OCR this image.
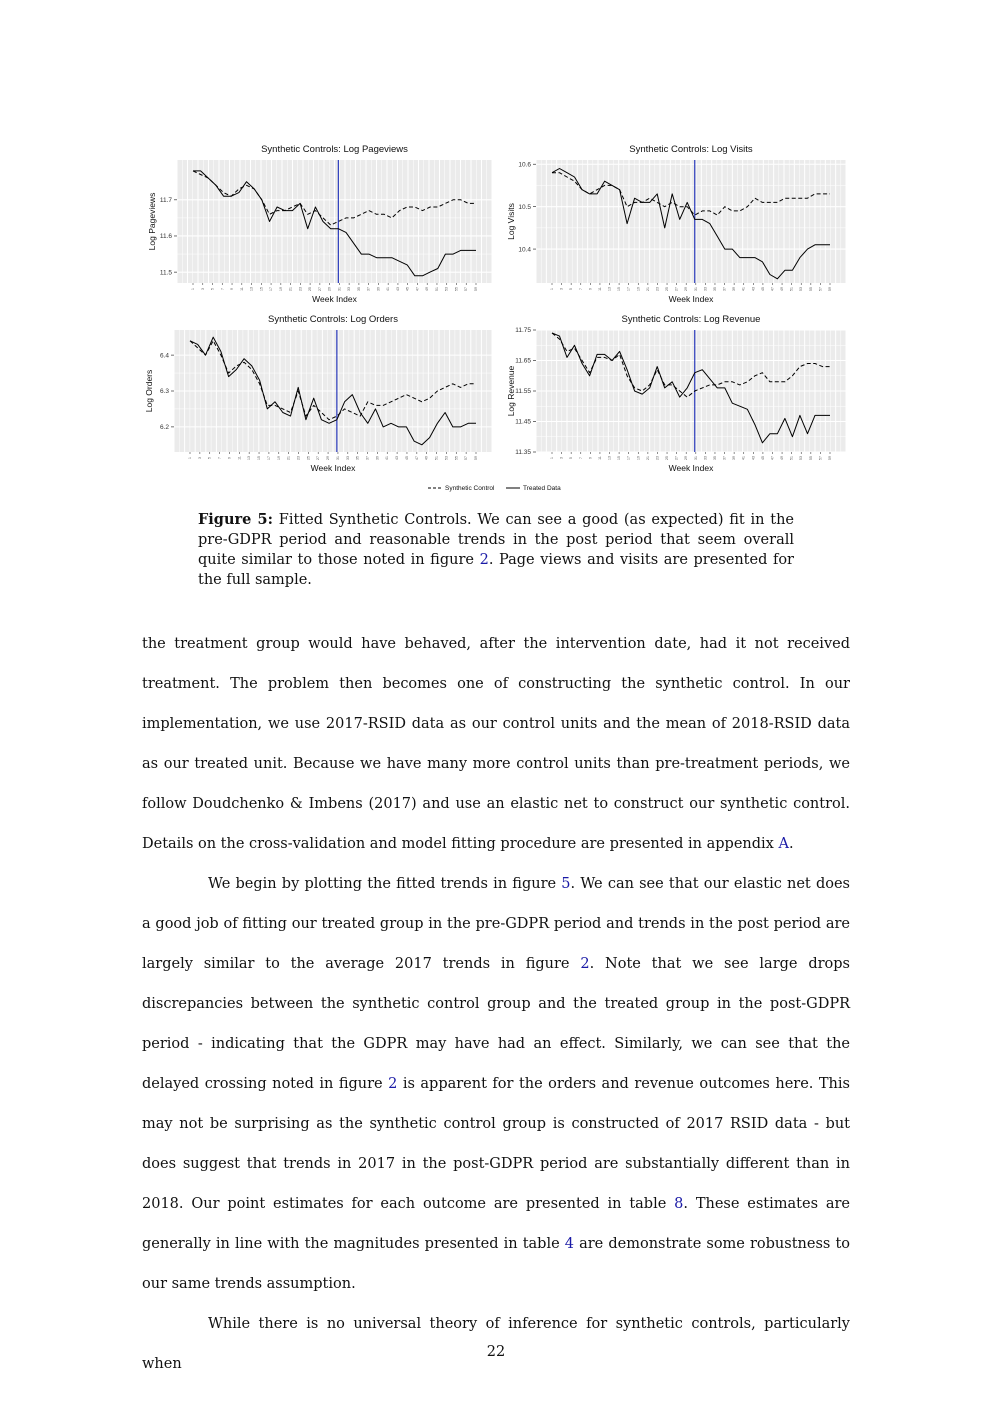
11.5
11.6
11.7
1 3 5 7 9 11 13 15 17 19 21 23 25 27 29 31 33 35 37 39 41 43 45 47 49 51 53 55 57 59
Synthetic Controls: Log Pageviews
Week Index
Log Pageviews	10.4
10.5
10.6
1 3 5 7 9 11 13 15 17 19 21 23 25 27 29 31 33 35 37 39 41 43 45 47 49 51 53 55 57 59
Synthetic Controls: Log Visits
Week Index
Log Visits
6.2
6.3
6.4
1 3 5 7 9 11 13 15 17 19 21 23 25 27 29 31 33 35 37 39 41 43 45 47 49 51 53 55 57 59
Synthetic Controls: Log Orders
Week Index
Log Orders
11.35
11.45
11.55
11.65
11.75
1 3 5 7 9 11 13 15 17 19 21 23 25 27 29 31 33 35 37 39 41 43 45 47 49 51 53 55 57 59
Synthetic Controls: Log Revenue
Week Index
Log Revenue
Synthetic Control	Treated Data
Figure 5: Fitted Synthetic Controls. We can see a good (as expected) fit in the pre-GDPR period and reasonable trends in the post period that seem overall quite similar to those noted in figure 2. Page views and visits are presented for the full sample.

the treatment group would have behaved, after the intervention date, had it not received treatment. The problem then becomes one of constructing the synthetic control. In our implementation, we use 2017-RSID data as our control units and the mean of 2018-RSID data as our treated unit. Because we have many more control units than pre-treatment periods, we follow Doudchenko & Imbens (2017) and use an elastic net to construct our synthetic control. Details on the cross-validation and model fitting procedure are presented in appendix A.

We begin by plotting the fitted trends in figure 5. We can see that our elastic net does a good job of fitting our treated group in the pre-GDPR period and trends in the post period are largely similar to the average 2017 trends in figure 2. Note that we see large drops discrepancies between the synthetic control group and the treated group in the post-GDPR period - indicating that the GDPR may have had an effect. Similarly, we can see that the delayed crossing noted in figure 2 is apparent for the orders and revenue outcomes here. This may not be surprising as the synthetic control group is constructed of 2017 RSID data - but does suggest that trends in 2017 in the post-GDPR period are substantially different than in 2018. Our point estimates for each outcome are presented in table 8. These estimates are generally in line with the magnitudes presented in table 4 are demonstrate some robustness to our same trends assumption.

While there is no universal theory of inference for synthetic controls, particularly when

22
